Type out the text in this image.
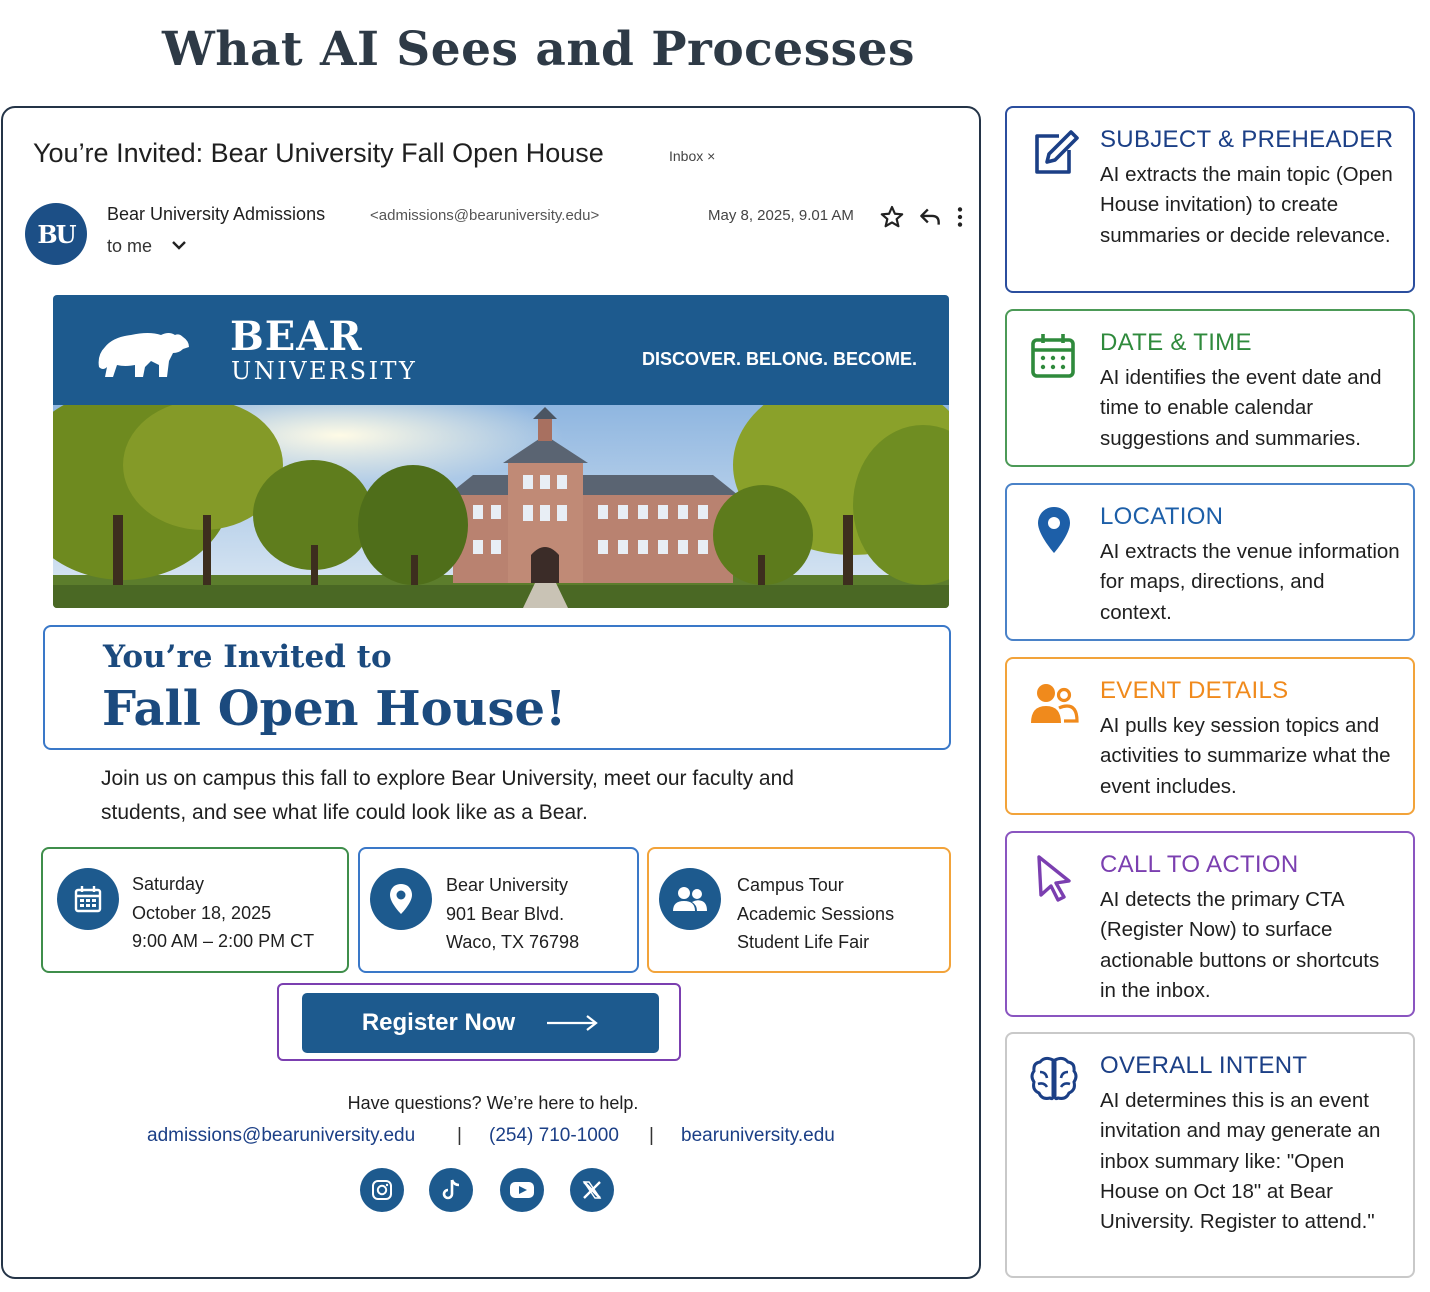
What AI Sees and Processes
You’re Invited: Bear University Fall Open House	Inbox ×
BU
Bear University Admissions	<admissions@bearuniversity.edu>
to me
May 8, 2025, 9.01 AM
BEAR
UNIVERSITY	DISCOVER. BELONG. BECOME.
You’re Invited to
Fall Open House!
Join us on campus this fall to explore Bear University, meet our faculty and students, and see what life could look like as a Bear.
Saturday
October 18, 2025
9:00 AM – 2:00 PM CT
Bear University
901 Bear Blvd.
Waco, TX 76798
Campus Tour
Academic Sessions
Student Life Fair
Register Now
Have questions? We’re here to help.
admissions@bearuniversity.edu | (254) 710-1000 | bearuniversity.edu
SUBJECT & PREHEADER
AI extracts the main topic (Open House invitation) to create summaries or decide relevance.
DATE & TIME
AI identifies the event date and time to enable calendar suggestions and summaries.
LOCATION
AI extracts the venue information for maps, directions, and context.
EVENT DETAILS
AI pulls key session topics and activities to summarize what the event includes.
CALL TO ACTION
AI detects the primary CTA (Register Now) to surface actionable buttons or shortcuts in the inbox.
OVERALL INTENT
AI determines this is an event invitation and may generate an inbox summary like: "Open House on Oct 18" at Bear University. Register to attend."
